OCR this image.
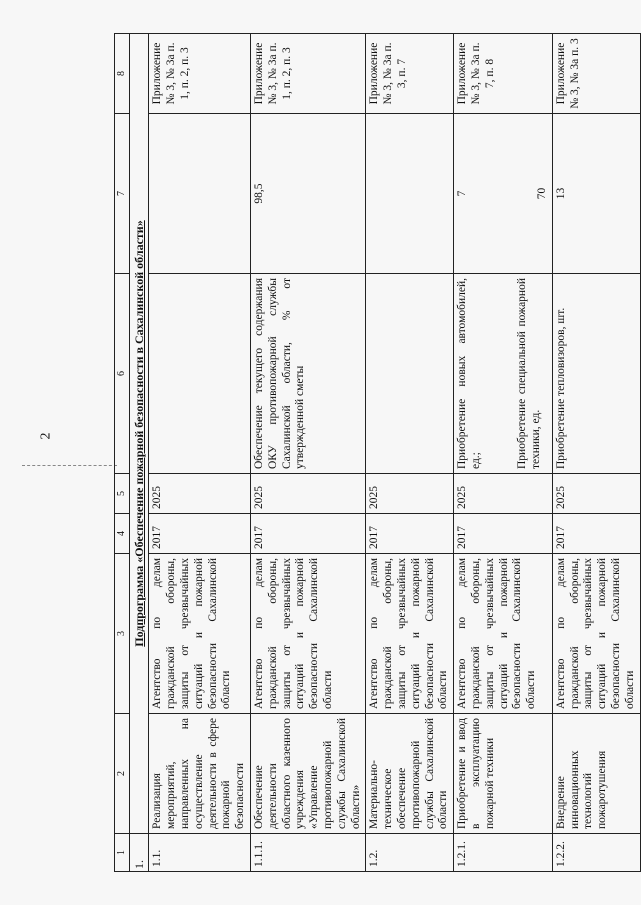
2
1	2	3	4	5	6	7	8
1.	Подпрограмма «Обеспечение пожарной безопасности в Сахалинской области»						
1.1.	Реализация мероприятий, направленных на осуществление деятельности в сфере пожарной безопасности	Агентство по делам гражданской обороны, защиты от чрезвычайных ситуаций и пожарной безопасности Сахалинской области	2017	2025			Приложение № 3, № 3а п. 1, п. 2, п. 3
1.1.1.	Обеспечение деятельности областного казенного учреждения «Управление противопожарной службы Сахалинской области»	Агентство по делам гражданской обороны, защиты от чрезвычайных ситуаций и пожарной безопасности Сахалинской области	2017	2025	Обеспечение текущего содержания ОКУ противопожарной службы Сахалинской области, % от утвержденной сметы	98,5	Приложение № 3, № 3а п. 1, п. 2, п. 3
1.2.	Материально-техническое обеспечение противопожарной службы Сахалинской области	Агентство по делам гражданской обороны, защиты от чрезвычайных ситуаций и пожарной безопасности Сахалинской области	2017	2025			Приложение № 3, № 3а п. 3, п. 7
1.2.1.	Приобретение и ввод в эксплуатацию пожарной техники	Агентство по делам гражданской обороны, защиты от чрезвычайных ситуаций и пожарной безопасности Сахалинской области	2017	2025	Приобретение новых автомобилей, ед.; Приобретение специальной пожарной техники, ед.	7 70	Приложение № 3, № 3а п. 7, п. 8
1.2.2.	Внедрение инновационных технологий пожаротушения	Агентство по делам гражданской обороны, защиты от чрезвычайных ситуаций и пожарной безопасности Сахалинской области	2017	2025	Приобретение тепловизоров, шт.	13	Приложение № 3, № 3а п. 3
